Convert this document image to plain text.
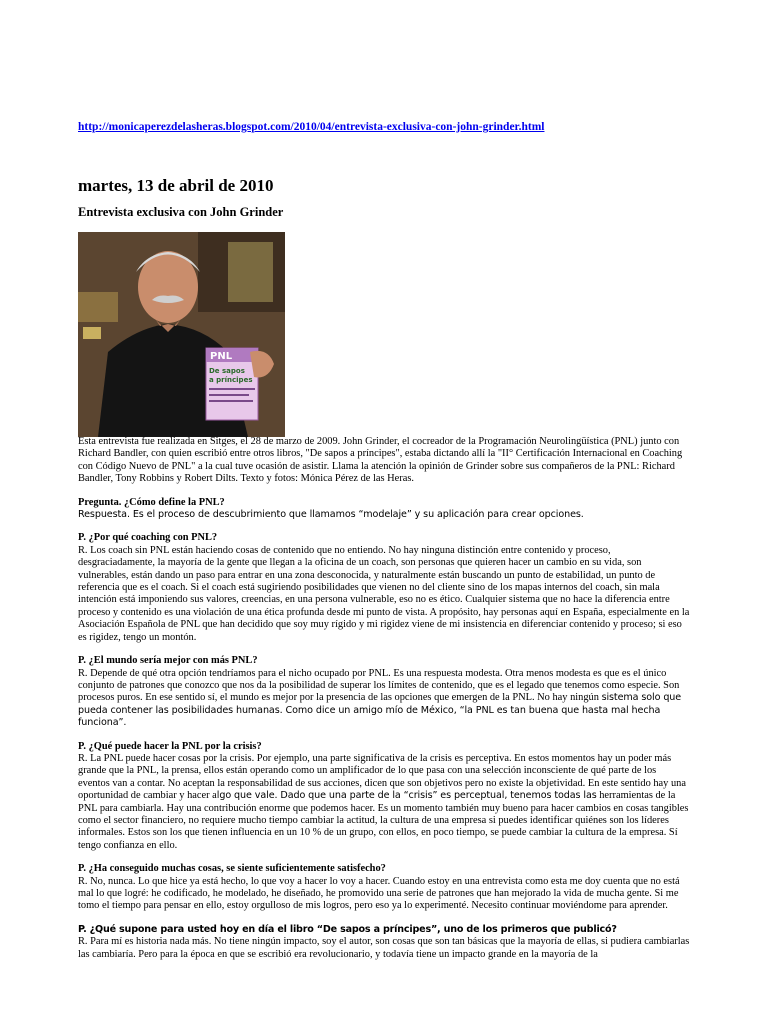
http://monicaperezdelasheras.blogspot.com/2010/04/entrevista-exclusiva-con-john-grinder.html
martes, 13 de abril de 2010
Entrevista exclusiva con John Grinder
PNL
De sapos
a príncipes

Esta entrevista fue realizada en Sitges, el 28 de marzo de 2009. John Grinder, el cocreador de la Programación Neurolingüística (PNL) junto con Richard Bandler, con quien escribió entre otros libros, "De sapos a príncipes", estaba dictando allí la "II° Certificación Internacional en Coaching con Código Nuevo de PNL" a la cual tuve ocasión de asistir. Llama la atención la opinión de Grinder sobre sus compañeros de la PNL: Richard Bandler, Tony Robbins y Robert Dilts. Texto y fotos: Mónica Pérez de las Heras.

Pregunta. ¿Cómo define la PNL?
Respuesta. Es el proceso de descubrimiento que llamamos “modelaje” y su aplicación para crear opciones.

P. ¿Por qué coaching con PNL?
R. Los coach sin PNL están haciendo cosas de contenido que no entiendo. No hay ninguna distinción entre contenido y proceso, desgraciadamente, la mayoría de la gente que llegan a la oficina de un coach, son personas que quieren hacer un cambio en su vida, son vulnerables, están dando un paso para entrar en una zona desconocida, y naturalmente están buscando un punto de estabilidad, un punto de referencia que es el coach. Si el coach está sugiriendo posibilidades que vienen no del cliente sino de los mapas internos del coach, sin mala intención está imponiendo sus valores, creencias, en una persona vulnerable, eso no es ético. Cualquier sistema que no hace la diferencia entre proceso y contenido es una violación de una ética profunda desde mi punto de vista. A propósito, hay personas aquí en España, especialmente en la Asociación Española de PNL que han decidido que soy muy rígido y mi rigidez viene de mi insistencia en diferenciar contenido y proceso; si eso es rigidez, tengo un montón.

P. ¿El mundo sería mejor con más PNL?
R. Depende de qué otra opción tendríamos para el nicho ocupado por PNL. Es una respuesta modesta. Otra menos modesta es que es el único conjunto de patrones que conozco que nos da la posibilidad de superar los límites de contenido, que es el legado que tenemos como especie. Son procesos puros. En ese sentido sí, el mundo es mejor por la presencia de las opciones que emergen de la PNL. No hay ningún sistema solo que pueda contener las posibilidades humanas. Como dice un amigo mío de México, “la PNL es tan buena que hasta mal hecha funciona”.

P. ¿Qué puede hacer la PNL por la crisis?
R. La PNL puede hacer cosas por la crisis. Por ejemplo, una parte significativa de la crisis es perceptiva. En estos momentos hay un poder más grande que la PNL, la prensa, ellos están operando como un amplificador de lo que pasa con una selección inconsciente de qué parte de los eventos van a contar. No aceptan la responsabilidad de sus acciones, dicen que son objetivos pero no existe la objetividad. En este sentido hay una oportunidad de cambiar y hacer algo que vale. Dado que una parte de la “crisis” es perceptual, tenemos todas las herramientas de la PNL para cambiarla. Hay una contribución enorme que podemos hacer. Es un momento también muy bueno para hacer cambios en cosas tangibles como el sector financiero, no requiere mucho tiempo cambiar la actitud, la cultura de una empresa si puedes identificar quiénes son los líderes informales. Estos son los que tienen influencia en un 10 % de un grupo, con ellos, en poco tiempo, se puede cambiar la cultura de la empresa. Sí tengo confianza en ello.

P. ¿Ha conseguido muchas cosas, se siente suficientemente satisfecho?
R. No, nunca. Lo que hice ya está hecho, lo que voy a hacer lo voy a hacer. Cuando estoy en una entrevista como esta me doy cuenta que no está mal lo que logré: he codificado, he modelado, he diseñado, he promovido una serie de patrones que han mejorado la vida de mucha gente. Si me tomo el tiempo para pensar en ello, estoy orgulloso de mis logros, pero eso ya lo experimenté. Necesito continuar moviéndome para aprender.

P. ¿Qué supone para usted hoy en día el libro “De sapos a príncipes”, uno de los primeros que publicó?
R. Para mí es historia nada más. No tiene ningún impacto, soy el autor, son cosas que son tan básicas que la mayoría de ellas, si pudiera cambiarlas las cambiaría. Pero para la época en que se escribió era revolucionario, y todavía tiene un impacto grande en la mayoría de la
